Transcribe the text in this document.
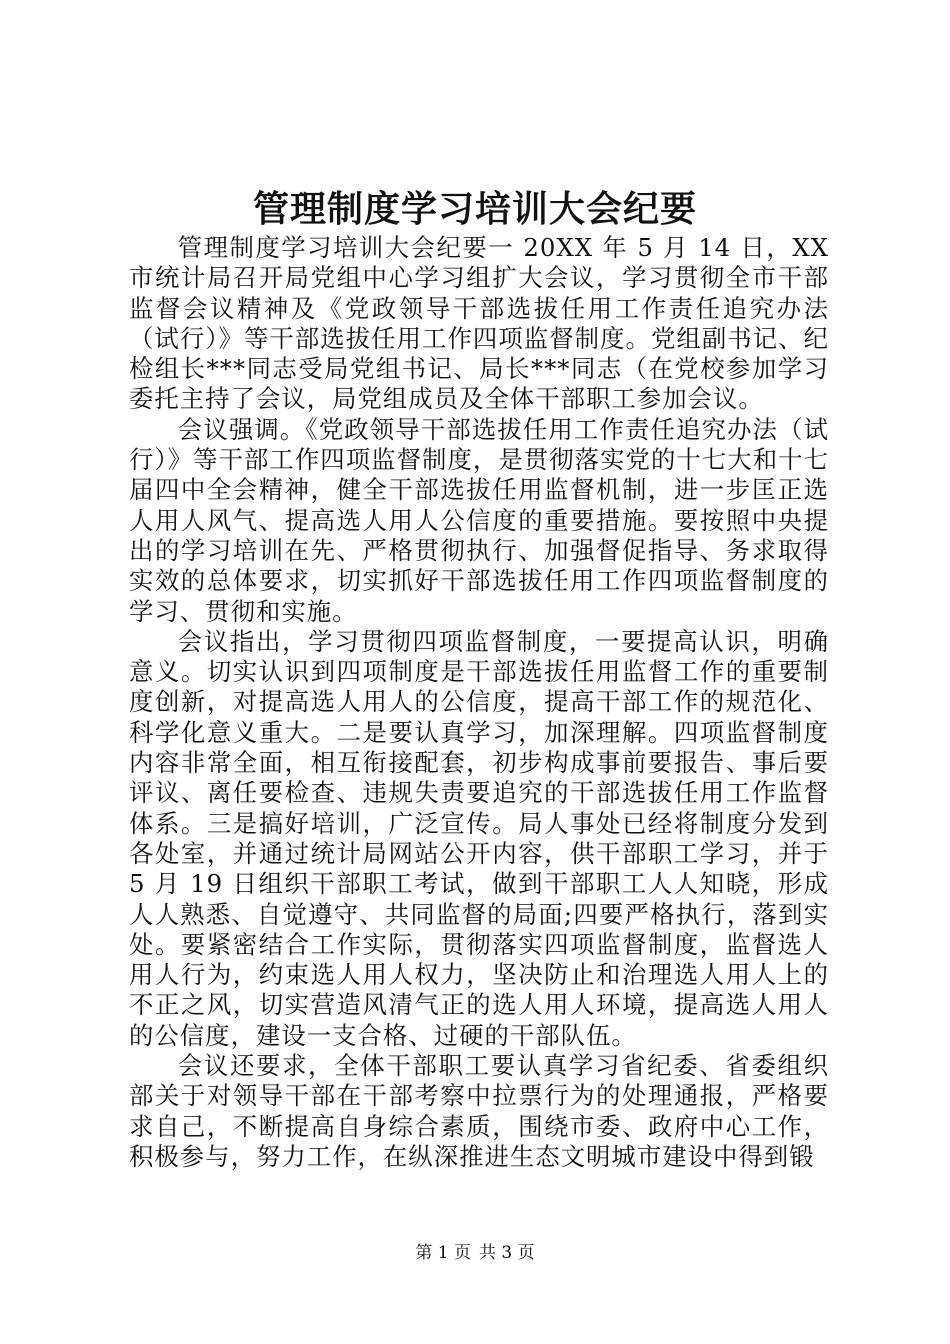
管理制度学习培训大会纪要

管理制度学习培训大会纪要一 20XX 年 5 月 14 日，XX 市统计局召开局党组中心学习组扩大会议，学习贯彻全市干部监督会议精神及《党政领导干部选拔任用工作责任追究办法（试行）》等干部选拔任用工作四项监督制度。党组副书记、纪检组长***同志受局党组书记、局长***同志（在党校参加学习委托主持了会议，局党组成员及全体干部职工参加会议。

会议强调。《党政领导干部选拔任用工作责任追究办法（试行）》等干部工作四项监督制度，是贯彻落实党的十七大和十七届四中全会精神，健全干部选拔任用监督机制，进一步匡正选人用人风气、提高选人用人公信度的重要措施。要按照中央提出的学习培训在先、严格贯彻执行、加强督促指导、务求取得实效的总体要求，切实抓好干部选拔任用工作四项监督制度的学习、贯彻和实施。

会议指出，学习贯彻四项监督制度，一要提高认识，明确意义。切实认识到四项制度是干部选拔任用监督工作的重要制度创新，对提高选人用人的公信度，提高干部工作的规范化、科学化意义重大。二是要认真学习，加深理解。四项监督制度内容非常全面，相互衔接配套，初步构成事前要报告、事后要评议、离任要检查、违规失责要追究的干部选拔任用工作监督体系。三是搞好培训，广泛宣传。局人事处已经将制度分发到各处室，并通过统计局网站公开内容，供干部职工学习，并于 5 月 19 日组织干部职工考试，做到干部职工人人知晓，形成人人熟悉、自觉遵守、共同监督的局面;四要严格执行，落到实处。要紧密结合工作实际，贯彻落实四项监督制度，监督选人用人行为，约束选人用人权力，坚决防止和治理选人用人上的不正之风，切实营造风清气正的选人用人环境，提高选人用人的公信度，建设一支合格、过硬的干部队伍。

会议还要求，全体干部职工要认真学习省纪委、省委组织部关于对领导干部在干部考察中拉票行为的处理通报，严格要求自己，不断提高自身综合素质，围绕市委、政府中心工作，积极参与，努力工作，在纵深推进生态文明城市建设中得到锻

第 1 页 共 3 页
